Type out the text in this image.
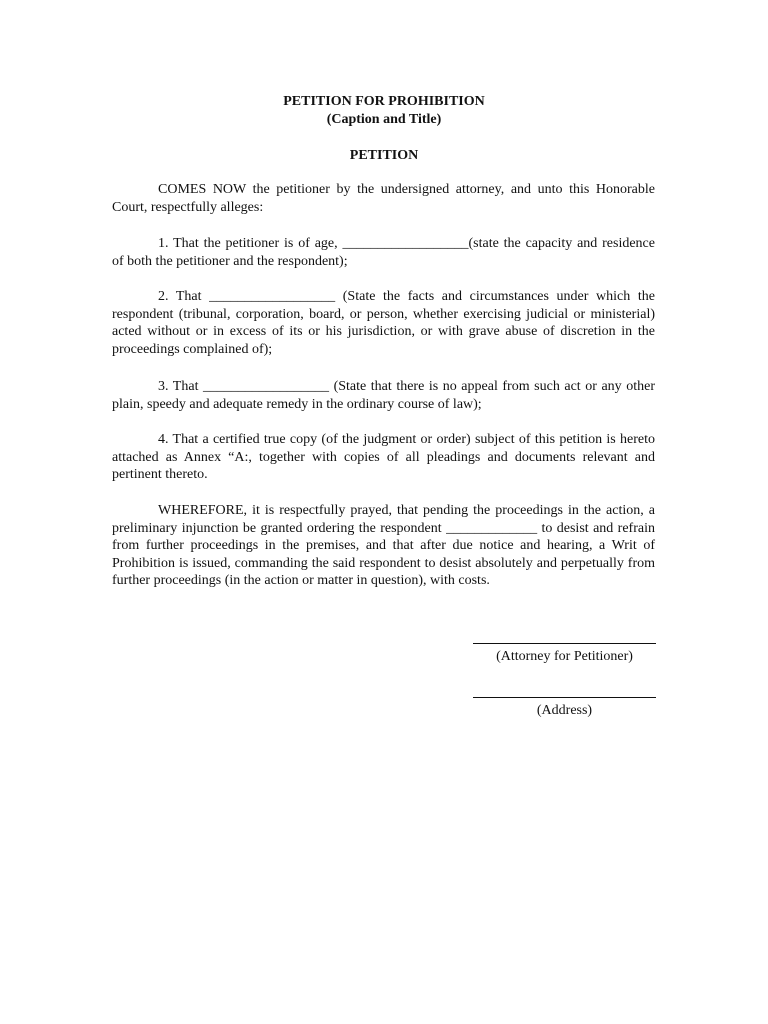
PETITION FOR PROHIBITION
(Caption and Title)
PETITION

COMES NOW the petitioner by the undersigned attorney, and unto this Honorable Court, respectfully alleges:

1. That the petitioner is of age, __________________(state the capacity and residence of both the petitioner and the respondent);

2. That __________________ (State the facts and circumstances under which the respondent (tribunal, corporation, board, or person, whether exercising judicial or ministerial) acted without or in excess of its or his jurisdiction, or with grave abuse of discretion in the proceedings complained of);

3. That __________________ (State that there is no appeal from such act or any other plain, speedy and adequate remedy in the ordinary course of law);

4. That a certified true copy (of the judgment or order) subject of this petition is hereto attached as Annex “A:, together with copies of all pleadings and documents relevant and pertinent thereto.

WHEREFORE, it is respectfully prayed, that pending the proceedings in the action, a preliminary injunction be granted ordering the respondent _____________ to desist and refrain from further proceedings in the premises, and that after due notice and hearing, a Writ of Prohibition is issued, commanding the said respondent to desist absolutely and perpetually from further proceedings (in the action or matter in question), with costs.

(Attorney for Petitioner)
(Address)
